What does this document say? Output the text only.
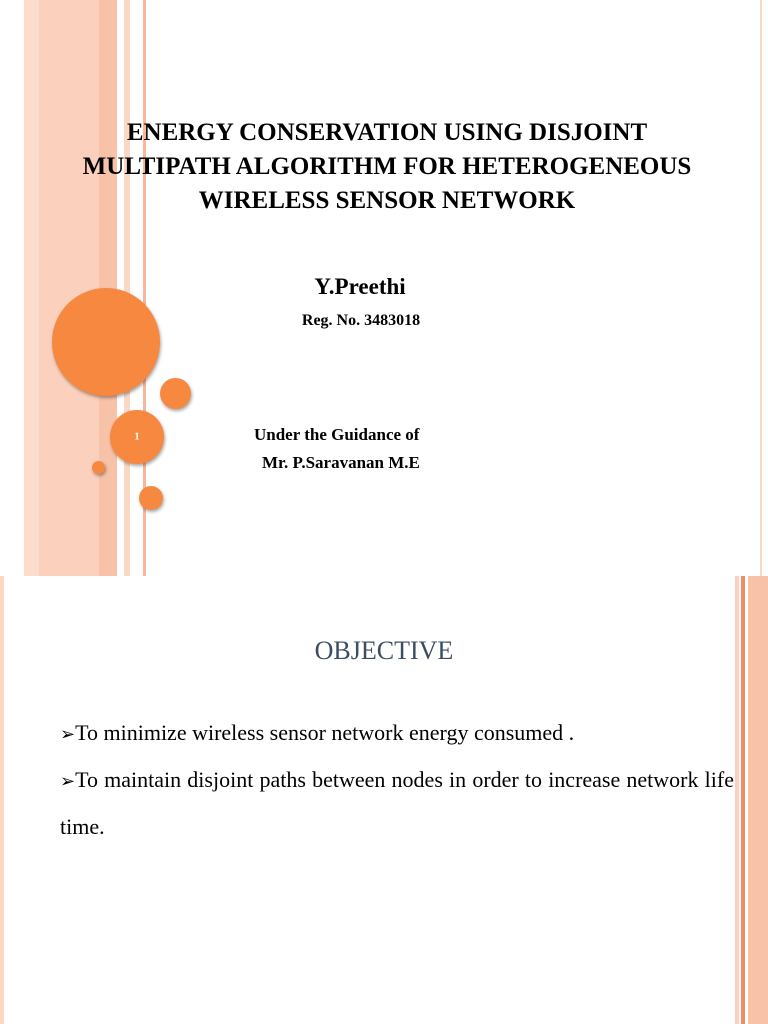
1
ENERGY CONSERVATION USING DISJOINT
MULTIPATH ALGORITHM FOR HETEROGENEOUS
WIRELESS SENSOR NETWORK
Y.Preethi
Reg. No. 3483018
Under the Guidance of
Mr. P.Saravanan M.E
OBJECTIVE
➢To minimize wireless sensor network energy consumed .
➢To maintain disjoint paths between nodes in order to increase network life time.
